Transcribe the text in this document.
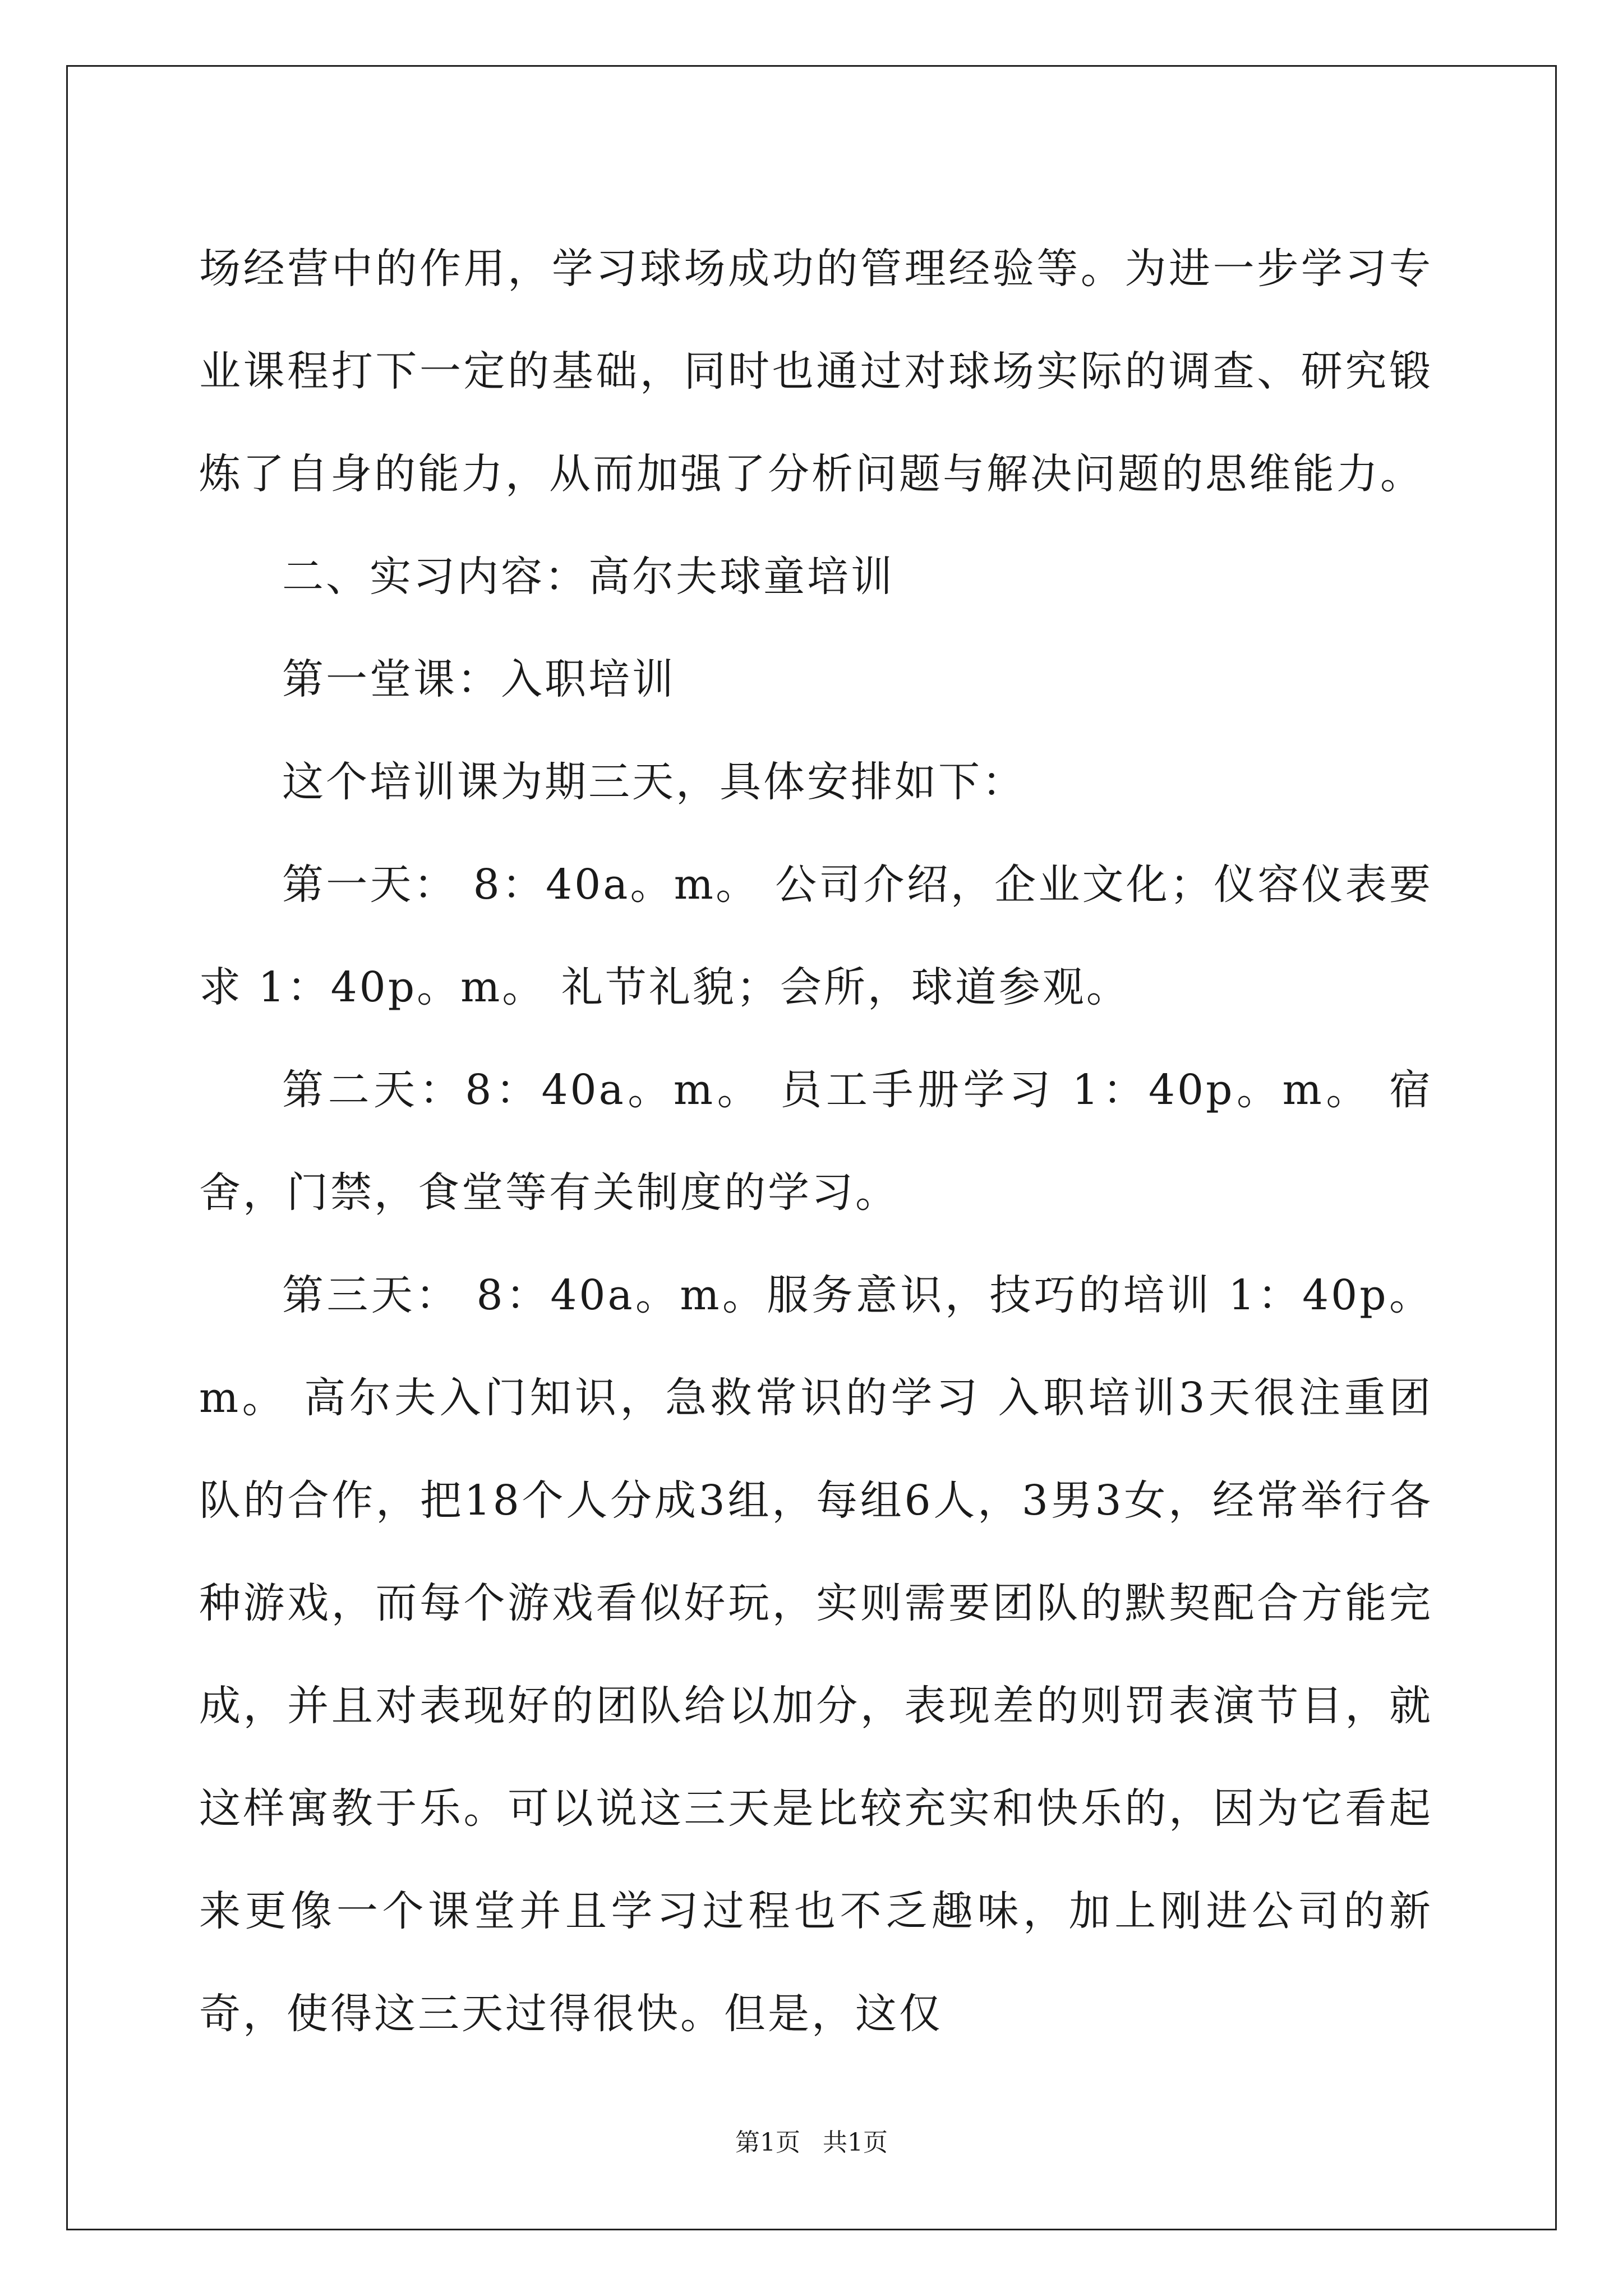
场经营中的作用，学习球场成功的管理经验等。为进一步学习专业课程打下一定的基础，同时也通过对球场实际的调查、研究锻炼了自身的能力，从而加强了分析问题与解决问题的思维能力。

二、实习内容：高尔夫球童培训

第一堂课：入职培训

这个培训课为期三天，具体安排如下：

第一天： 8：40a。m。 公司介绍，企业文化；仪容仪表要求 1：40p。m。 礼节礼貌；会所，球道参观。

第二天：8：40a。m。 员工手册学习 1：40p。m。 宿舍，门禁，食堂等有关制度的学习。

第三天： 8：40a。m。服务意识，技巧的培训 1：40p。m。 高尔夫入门知识，急救常识的学习 入职培训3天很注重团队的合作，把18个人分成3组，每组6人，3男3女，经常举行各种游戏，而每个游戏看似好玩，实则需要团队的默契配合方能完成，并且对表现好的团队给以加分，表现差的则罚表演节目，就这样寓教于乐。可以说这三天是比较充实和快乐的，因为它看起来更像一个课堂并且学习过程也不乏趣味，加上刚进公司的新奇，使得这三天过得很快。但是，这仅

第1页 共1页
